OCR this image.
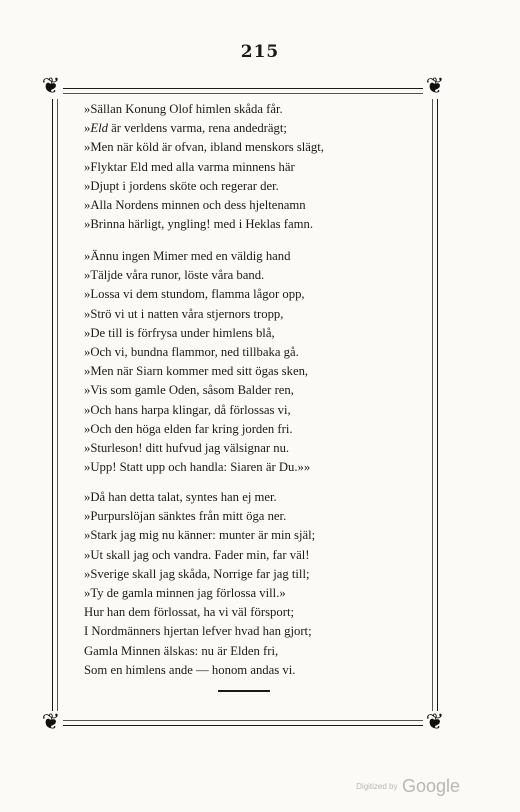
215
❦	❦
❦	❦
»Sällan Konung Olof himlen skåda får.
»Eld är verldens varma, rena andedrägt;
»Men när köld är ofvan, ibland menskors slägt,
»Flyktar Eld med alla varma minnens här
»Djupt i jordens sköte och regerar der.
»Alla Nordens minnen och dess hjeltenamn
»Brinna härligt, yngling! med i Heklas famn.
»Ännu ingen Mimer med en väldig hand
»Täljde våra runor, löste våra band.
»Lossa vi dem stundom, flamma lågor opp,
»Strö vi ut i natten våra stjernors tropp,
»De till is förfrysa under himlens blå,
»Och vi, bundna flammor, ned tillbaka gå.
»Men när Siarn kommer med sitt ögas sken,
»Vis som gamle Oden, såsom Balder ren,
»Och hans harpa klingar, då förlossas vi,
»Och den höga elden far kring jorden fri.
»Sturleson! ditt hufvud jag välsignar nu.
»Upp! Statt upp och handla: Siaren är Du.»»
»Då han detta talat, syntes han ej mer.
»Purpurslöjan sänktes från mitt öga ner.
»Stark jag mig nu känner: munter är min själ;
»Ut skall jag och vandra. Fader min, far väl!
»Sverige skall jag skåda, Norrige far jag till;
»Ty de gamla minnen jag förlossa vill.»
Hur han dem förlossat, ha vi väl försport;
I Nordmänners hjertan lefver hvad han gjort;
Gamla Minnen älskas: nu är Elden fri,
Som en himlens ande — honom andas vi.
Digitized by Google
